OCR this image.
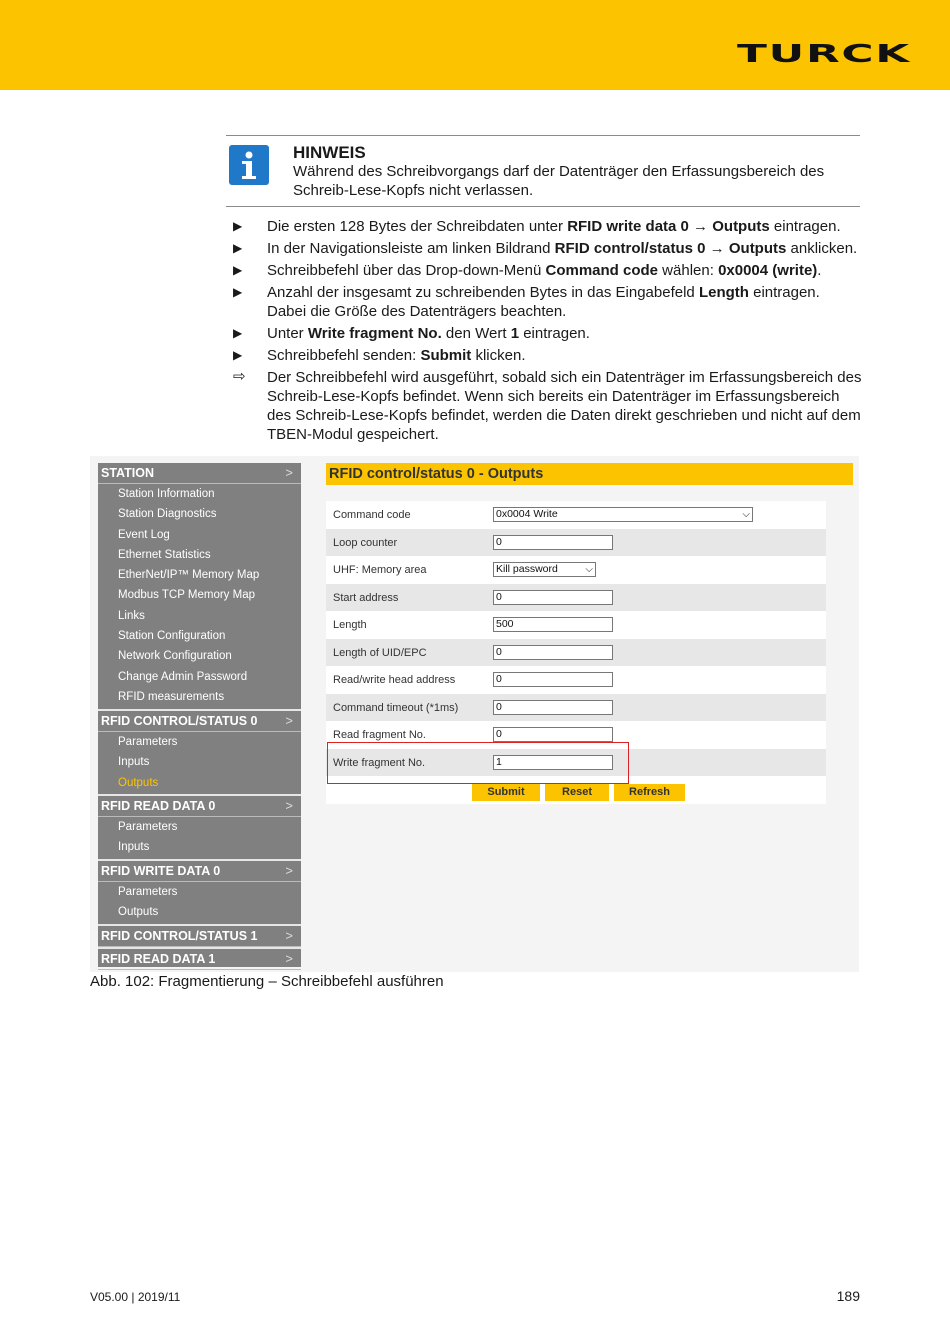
TURCK
HINWEIS
Während des Schreibvorgangs darf der Datenträger den Erfassungsbereich des Schreib-Lese-Kopfs nicht verlassen.
▶	Die ersten 128 Bytes der Schreibdaten unter RFID write data 0 → Outputs eintragen.
▶	In der Navigationsleiste am linken Bildrand RFID control/status 0 → Outputs anklicken.
▶	Schreibbefehl über das Drop-down-Menü Command code wählen: 0x0004 (write).
▶	Anzahl der insgesamt zu schreibenden Bytes in das Eingabefeld Length eintragen. Dabei die Größe des Datenträgers beachten.
▶	Unter Write fragment No. den Wert 1 eintragen.
▶	Schreibbefehl senden: Submit klicken.
⇨	Der Schreibbefehl wird ausgeführt, sobald sich ein Datenträger im Erfassungsbereich des Schreib-Lese-Kopfs befindet. Wenn sich bereits ein Datenträger im Erfassungsbereich des Schreib-Lese-Kopfs befindet, werden die Daten direkt geschrieben und nicht auf dem TBEN-Modul gespeichert.
STATION	>
Station Information
Station Diagnostics
Event Log
Ethernet Statistics
EtherNet/IP™ Memory Map
Modbus TCP Memory Map
Links
Station Configuration
Network Configuration
Change Admin Password
RFID measurements
RFID CONTROL/STATUS 0 >
Parameters
Inputs
Outputs
RFID READ DATA 0	>
Parameters
Inputs
RFID WRITE DATA 0	>
Parameters
Outputs
RFID CONTROL/STATUS 1 >
RFID READ DATA 1	>
RFID control/status 0 - Outputs
Command code	0x0004 Write	⌵
Loop counter	0
UHF: Memory area	Kill password	⌵
Start address	0
Length	500
Length of UID/EPC	0
Read/write head address	0
Command timeout (*1ms)	0
Read fragment No.	0
Write fragment No.	1
Submit	Reset	Refresh
Abb. 102: Fragmentierung – Schreibbefehl ausführen
V05.00 | 2019/11	189
